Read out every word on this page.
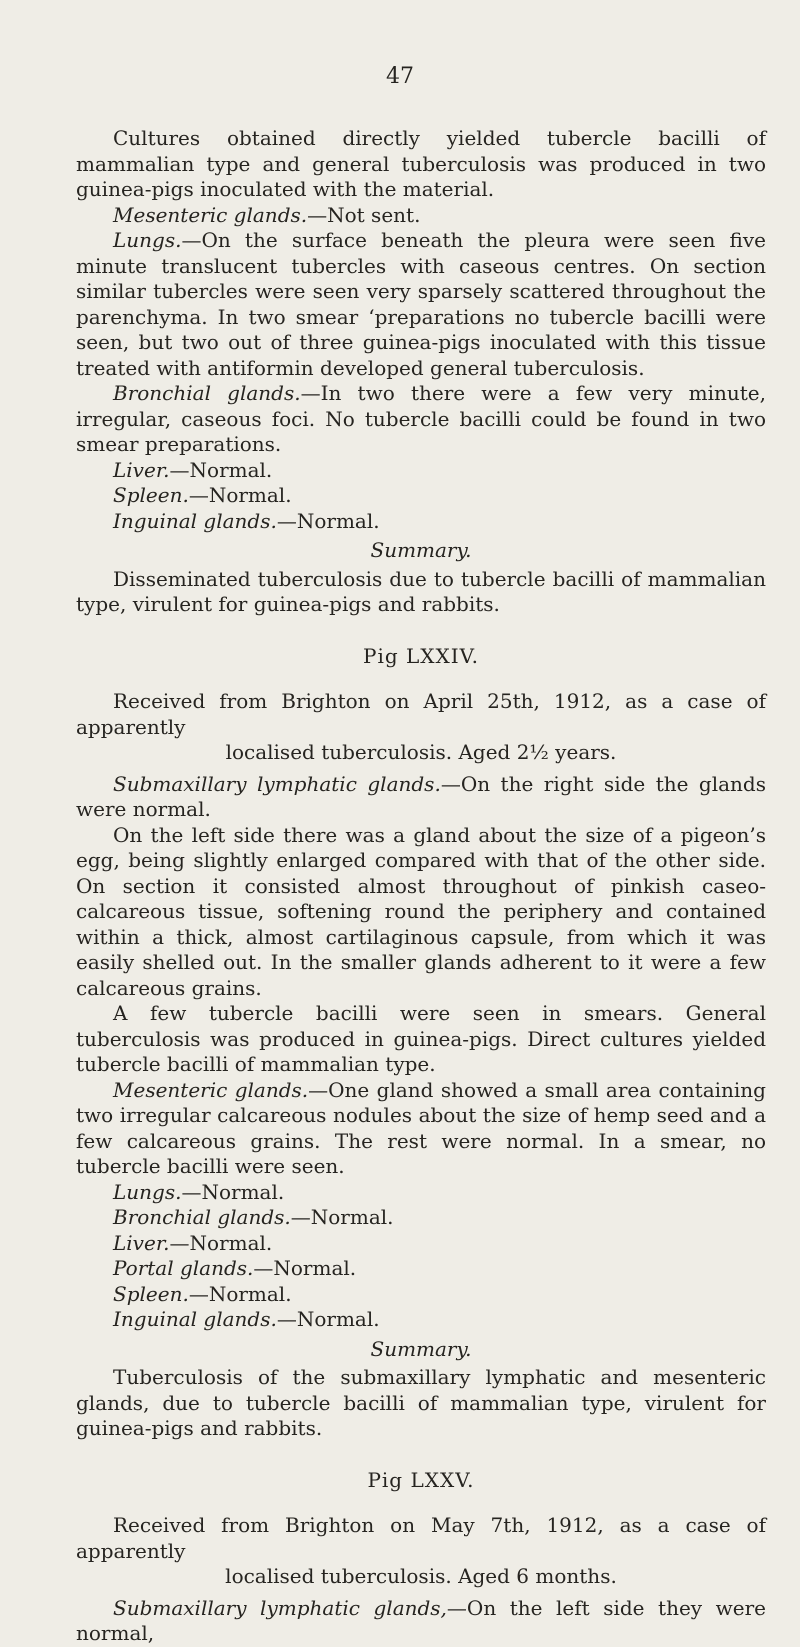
47

Cultures obtained directly yielded tubercle bacilli of mammalian type and general tuberculosis was produced in two guinea-pigs inoculated with the material.

Mesenteric glands.—Not sent.

Lungs.—On the surface beneath the pleura were seen five minute translucent tubercles with caseous centres. On section similar tubercles were seen very sparsely scattered throughout the parenchyma. In two smear ‘preparations no tubercle bacilli were seen, but two out of three guinea-pigs inoculated with this tissue treated with antiformin developed general tuberculosis.

Bronchial glands.—In two there were a few very minute, irregular, caseous foci. No tubercle bacilli could be found in two smear preparations.

Liver.—Normal.

Spleen.—Normal.

Inguinal glands.—Normal.

Summary.

Disseminated tuberculosis due to tubercle bacilli of mammalian type, virulent for guinea-pigs and rabbits.

Pig LXXIV.

Received from Brighton on April 25th, 1912, as a case of apparently

localised tuberculosis. Aged 2½ years.

Submaxillary lymphatic glands.—On the right side the glands were normal.

On the left side there was a gland about the size of a pigeon’s egg, being slightly enlarged compared with that of the other side. On section it consisted almost throughout of pinkish caseo-calcareous tissue, softening round the periphery and contained within a thick, almost cartilaginous capsule, from which it was easily shelled out. In the smaller glands adherent to it were a few calcareous grains.

A few tubercle bacilli were seen in smears. General tuberculosis was produced in guinea-pigs. Direct cultures yielded tubercle bacilli of mammalian type.

Mesenteric glands.—One gland showed a small area containing two irregular calcareous nodules about the size of hemp seed and a few calcareous grains. The rest were normal. In a smear, no tubercle bacilli were seen.

Lungs.—Normal.

Bronchial glands.—Normal.

Liver.—Normal.

Portal glands.—Normal.

Spleen.—Normal.

Inguinal glands.—Normal.

Summary.

Tuberculosis of the submaxillary lymphatic and mesenteric glands, due to tubercle bacilli of mammalian type, virulent for guinea-pigs and rabbits.

Pig LXXV.

Received from Brighton on May 7th, 1912, as a case of apparently

localised tuberculosis. Aged 6 months.

Submaxillary lymphatic glands,—On the left side they were normal,
